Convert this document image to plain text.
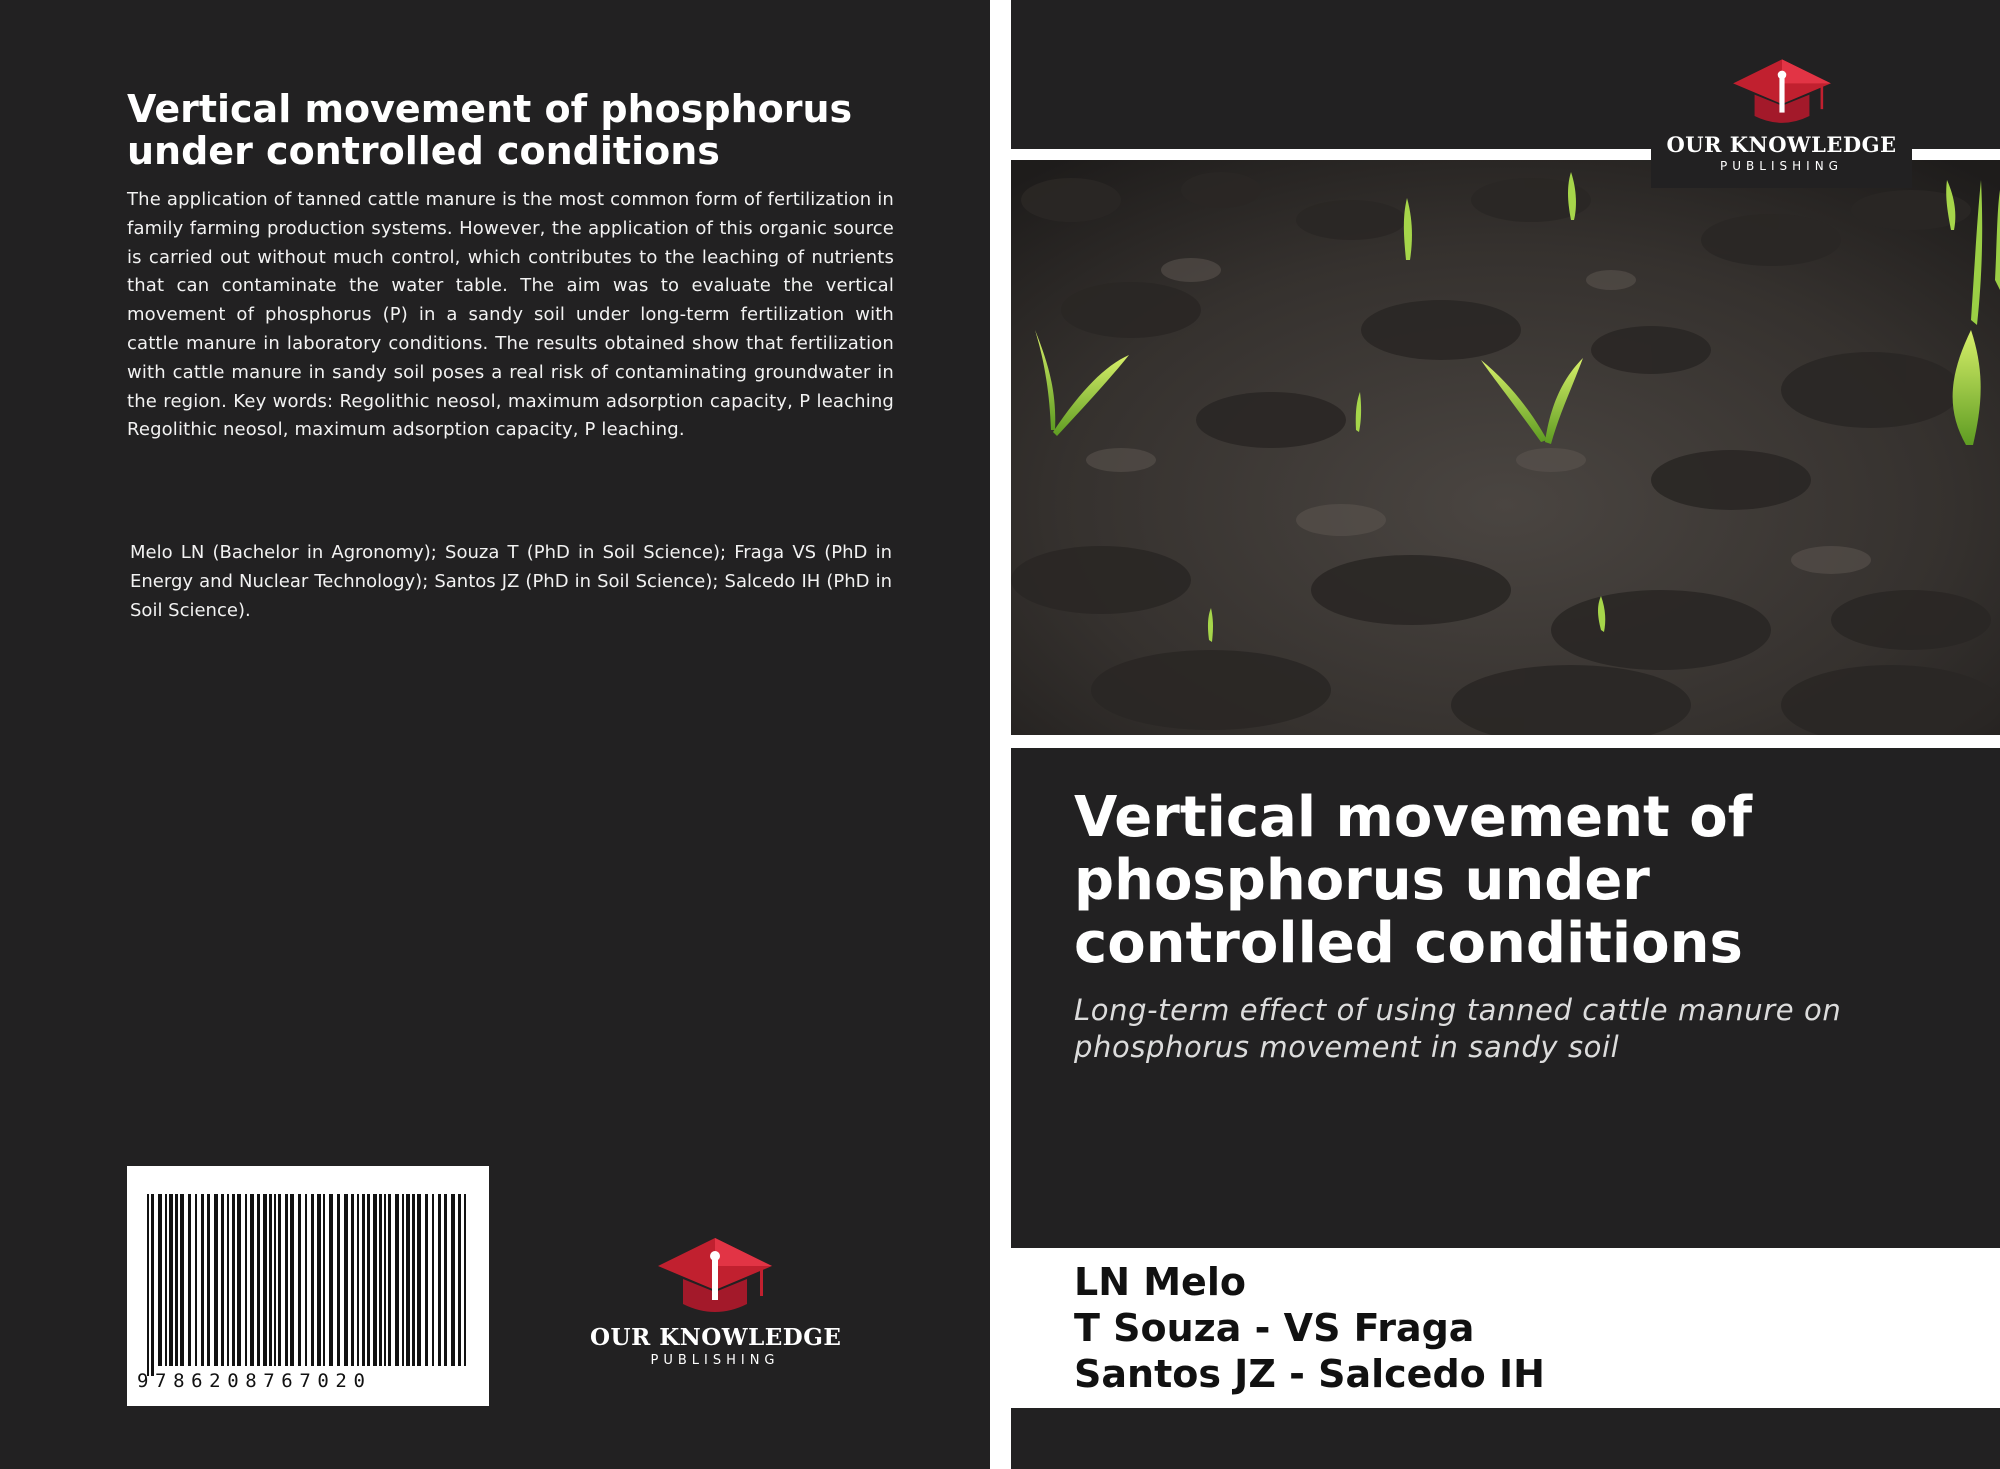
Vertical movement of phosphorus
under controlled conditions
The application of tanned cattle manure is the most common form of fertilization in family farming production systems. However, the application of this organic source is carried out without much control, which contributes to the leaching of nutrients that can contaminate the water table. The aim was to evaluate the vertical movement of phosphorus (P) in a sandy soil under long-term fertilization with cattle manure in laboratory conditions. The results obtained show that fertilization with cattle manure in sandy soil poses a real risk of contaminating groundwater in the region. Key words: Regolithic neosol, maximum adsorption capacity, P leaching Regolithic neosol, maximum adsorption capacity, P leaching.
Melo LN (Bachelor in Agronomy); Souza T (PhD in Soil Science); Fraga VS (PhD in Energy and Nuclear Technology); Santos JZ (PhD in Soil Science); Salcedo IH (PhD in Soil Science).
9786208767020
OUR KNOWLEDGE
PUBLISHING
OUR KNOWLEDGE
PUBLISHING
Vertical movement of
phosphorus under
controlled conditions
Long-term effect of using tanned cattle manure on phosphorus movement in sandy soil
LN Melo
T Souza - VS Fraga
Santos JZ - Salcedo IH
